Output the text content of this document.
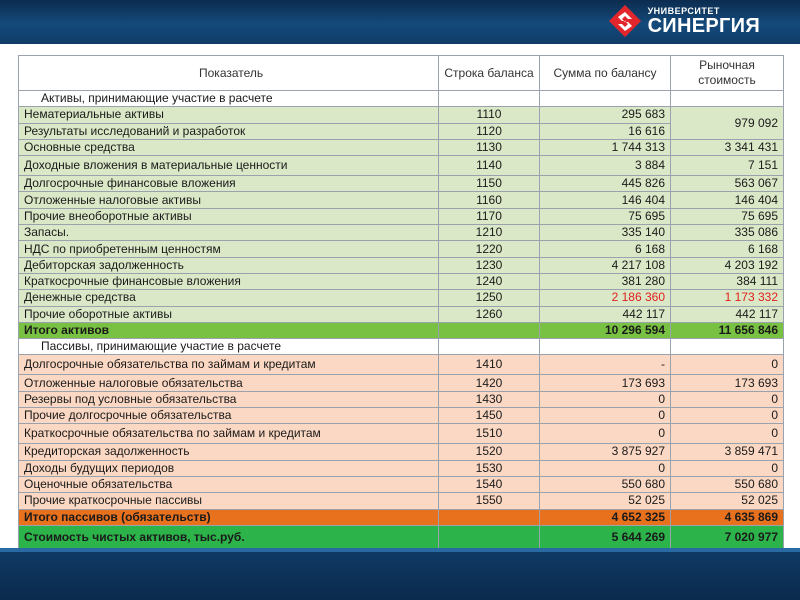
УНИВЕРСИТЕТ
СИНЕРГИЯ
Показатель	Строка баланса	Сумма по балансу	Рыночная стоимость
Активы, принимающие участие в расчете			
Нематериальные активы	1110	295 683	979 092
Результаты исследований и разработок	1120	16 616	
Основные средства	1130	1 744 313	3 341 431
Доходные вложения в материальные ценности	1140	3 884	7 151
Долгосрочные финансовые вложения	1150	445 826	563 067
Отложенные налоговые активы	1160	146 404	146 404
Прочие внеоборотные активы	1170	75 695	75 695
Запасы.	1210	335 140	335 086
НДС по приобретенным ценностям	1220	6 168	6 168
Дебиторская задолженность	1230	4 217 108	4 203 192
Краткосрочные финансовые вложения	1240	381 280	384 111
Денежные средства	1250	2 186 360	1 173 332
Прочие оборотные активы	1260	442 117	442 117
Итого активов		10 296 594	11 656 846
Пассивы, принимающие участие в расчете			
Долгосрочные обязательства по займам и кредитам	1410	-	0
Отложенные налоговые обязательства	1420	173 693	173 693
Резервы под условные обязательства	1430	0	0
Прочие долгосрочные обязательства	1450	0	0
Краткосрочные обязательства по займам и кредитам	1510	0	0
Кредиторская задолженность	1520	3 875 927	3 859 471
Доходы будущих периодов	1530	0	0
Оценочные обязательства	1540	550 680	550 680
Прочие краткосрочные пассивы	1550	52 025	52 025
Итого пассивов (обязательств)		4 652 325	4 635 869
Стоимость чистых активов, тыс.руб.		5 644 269	7 020 977
